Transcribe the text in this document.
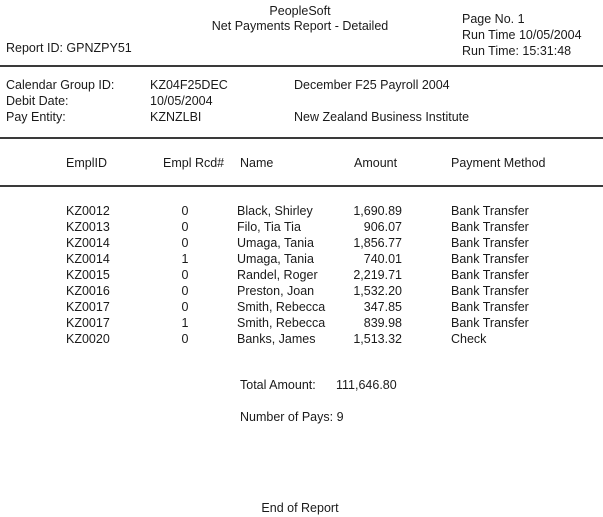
PeopleSoft
Net Payments Report - Detailed
Report ID: GPNZPY51
Page No. 1
Run Time 10/05/2004
Run Time: 15:31:48
Calendar Group ID:	KZ04F25DEC	December F25 Payroll 2004
Debit Date:	10/05/2004
Pay Entity:	KZNZLBI	New Zealand Business Institute
EmplID	Empl Rcd# Name	Amount	Payment Method
KZ0012	0	Black, Shirley	1,690.89	Bank Transfer
KZ0013	0	Filo, Tia Tia	906.07	Bank Transfer
KZ0014	0	Umaga, Tania	1,856.77	Bank Transfer
KZ0014	1	Umaga, Tania	740.01	Bank Transfer
KZ0015	0	Randel, Roger	2,219.71	Bank Transfer
KZ0016	0	Preston, Joan	1,532.20	Bank Transfer
KZ0017	0	Smith, Rebecca	347.85	Bank Transfer
KZ0017	1	Smith, Rebecca	839.98	Bank Transfer
KZ0020	0	Banks, James	1,513.32	Check
Total Amount: 111,646.80
Number of Pays: 9
End of Report
